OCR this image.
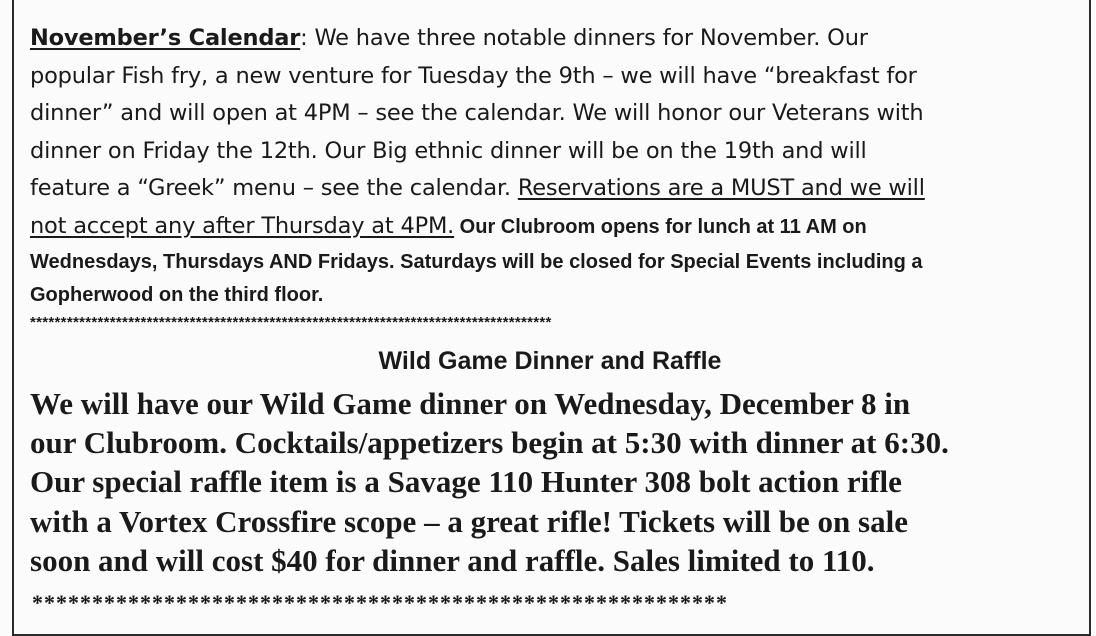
November’s Calendar: We have three notable dinners for November. Our
popular Fish fry, a new venture for Tuesday the 9th – we will have “breakfast for
dinner” and will open at 4PM – see the calendar. We will honor our Veterans with
dinner on Friday the 12th. Our Big ethnic dinner will be on the 19th and will
feature a “Greek” menu – see the calendar. Reservations are a MUST and we will
not accept any after Thursday at 4PM. Our Clubroom opens for lunch at 11 AM on

Wednesdays, Thursdays AND Fridays. Saturdays will be closed for Special Events including a

Gopherwood on the third floor.

*************************************************************************************

Wild Game Dinner and Raffle
We will have our Wild Game dinner on Wednesday, December 8 in
our Clubroom. Cocktails/appetizers begin at 5:30 with dinner at 6:30.
Our special raffle item is a Savage 110 Hunter 308 bolt action rifle
with a Vortex Crossfire scope – a great rifle! Tickets will be on sale
soon and will cost $40 for dinner and raffle. Sales limited to 110.

**********************************************************
